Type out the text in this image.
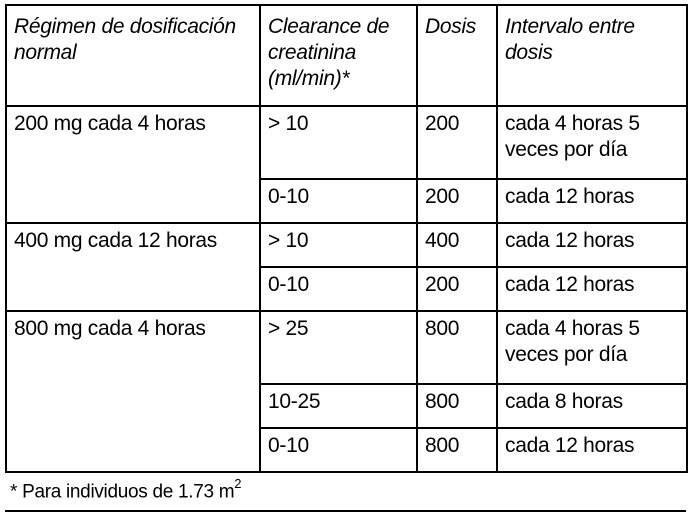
Régimen de dosificación normal	Clearance de creatinina (ml/min)*	Dosis	Intervalo entre dosis
200 mg cada 4 horas	> 10	200	cada 4 horas 5 veces por día
	0-10	200	cada 12 horas
400 mg cada 12 horas	> 10	400	cada 12 horas
	0-10	200	cada 12 horas
800 mg cada 4 horas	> 25	800	cada 4 horas 5 veces por día
	10-25	800	cada 8 horas
	0-10	800	cada 12 horas
* Para individuos de 1.73 $m^2$
